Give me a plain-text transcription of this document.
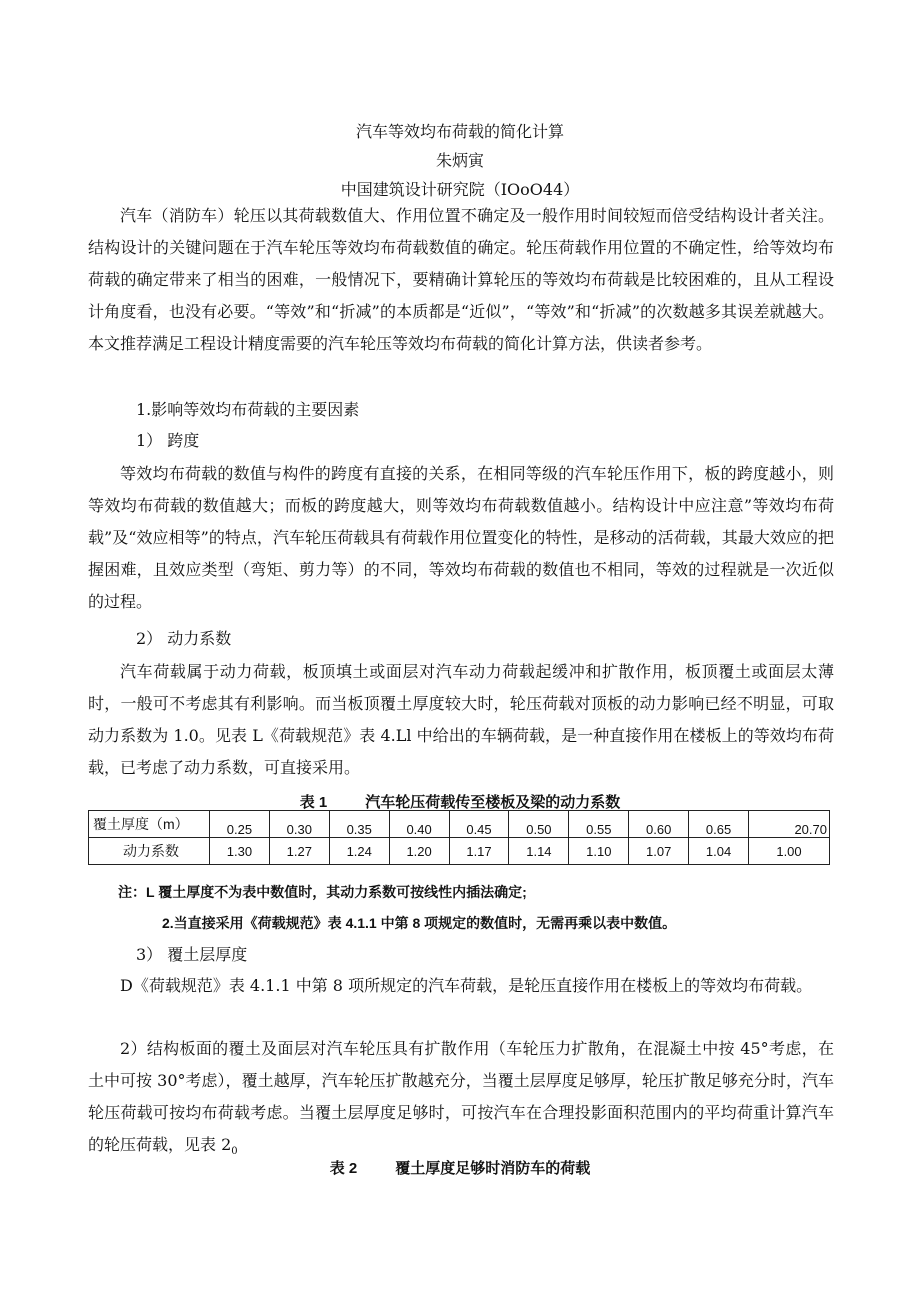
汽车等效均布荷载的简化计算
朱炳寅
中国建筑设计研究院（IOoO44）
汽车（消防车）轮压以其荷载数值大、作用位置不确定及一般作用时间较短而倍受结构设计者关注。结构设计的关键问题在于汽车轮压等效均布荷载数值的确定。轮压荷载作用位置的不确定性，给等效均布荷载的确定带来了相当的困难，一般情况下，要精确计算轮压的等效均布荷载是比较困难的，且从工程设计角度看，也没有必要。“等效”和“折减”的本质都是“近似”，“等效”和“折减”的次数越多其误差就越大。本文推荐满足工程设计精度需要的汽车轮压等效均布荷载的简化计算方法，供读者参考。
1.影响等效均布荷载的主要因素
1） 跨度
等效均布荷载的数值与构件的跨度有直接的关系，在相同等级的汽车轮压作用下，板的跨度越小，则等效均布荷载的数值越大；而板的跨度越大，则等效均布荷载数值越小。结构设计中应注意”等效均布荷载”及“效应相等”的特点，汽车轮压荷载具有荷载作用位置变化的特性，是移动的活荷载，其最大效应的把握困难，且效应类型（弯矩、剪力等）的不同，等效均布荷载的数值也不相同，等效的过程就是一次近似的过程。
2） 动力系数
汽车荷载属于动力荷载，板顶填土或面层对汽车动力荷载起缓冲和扩散作用，板顶覆土或面层太薄时，一般可不考虑其有利影响。而当板顶覆土厚度较大时，轮压荷载对顶板的动力影响已经不明显，可取动力系数为 1.0。见表 L《荷载规范》表 4.Ll 中给出的车辆荷载，是一种直接作用在楼板上的等效均布荷载，已考虑了动力系数，可直接采用。
表 1	汽车轮压荷载传至楼板及梁的动力系数
覆土厚度（m）	0.25	0.30	0.35	0.40	0.45	0.50	0.55	0.60	0.65	20.70
动力系数	1.30	1.27	1.24	1.20	1.17	1.14	1.10	1.07	1.04	1.00
注：L 覆土厚度不为表中数值时，其动力系数可按线性内插法确定;
2.当直接采用《荷载规范》表 4.1.1 中第 8 项规定的数值时，无需再乘以表中数值。
3） 覆土层厚度
D《荷载规范》表 4.1.1 中第 8 项所规定的汽车荷载，是轮压直接作用在楼板上的等效均布荷载。
2）结构板面的覆土及面层对汽车轮压具有扩散作用（车轮压力扩散角，在混凝土中按 45°考虑，在土中可按 30°考虑），覆土越厚，汽车轮压扩散越充分，当覆土层厚度足够厚，轮压扩散足够充分时，汽车轮压荷载可按均布荷载考虑。当覆土层厚度足够时，可按汽车在合理投影面积范围内的平均荷重计算汽车的轮压荷载，见表 $2_0$
表 2	覆土厚度足够时消防车的荷载
